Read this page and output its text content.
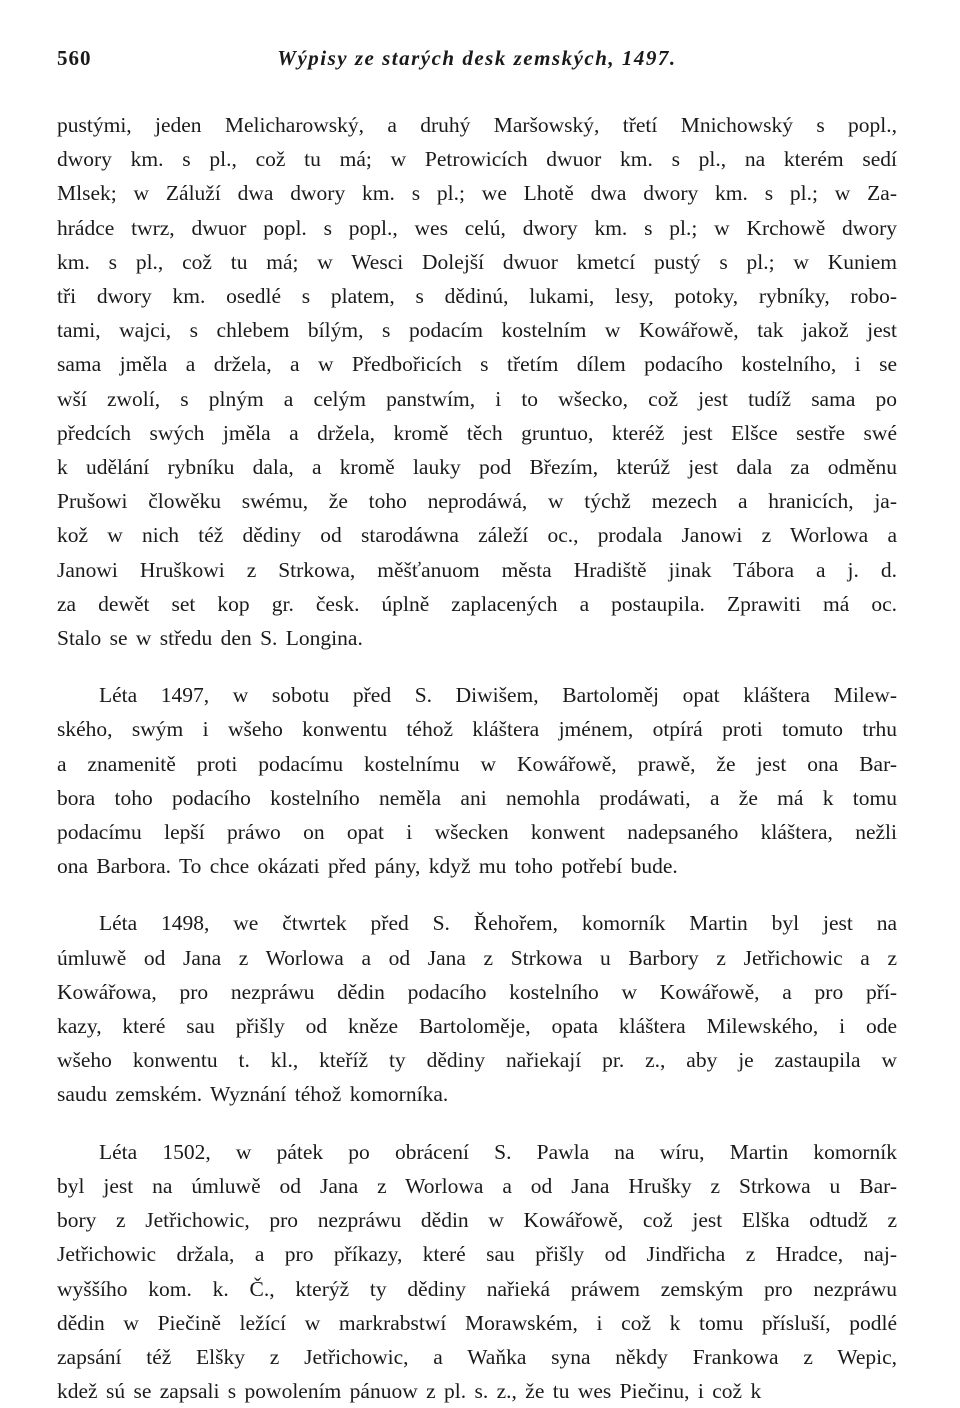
560	Wýpisy ze starých desk zemských, 1497.

pustými, jeden Melicharowský, a druhý Maršowský, třetí Mnichowský s popl.,
dwory km. s pl., což tu má; w Petrowicích dwuor km. s pl., na kterém sedí
Mlsek; w Záluží dwa dwory km. s pl.; we Lhotě dwa dwory km. s pl.; w Za-
hrádce twrz, dwuor popl. s popl., wes celú, dwory km. s pl.; w Krchowě dwory
km. s pl., což tu má; w Wesci Dolejší dwuor kmetcí pustý s pl.; w Kuniem
tři dwory km. osedlé s platem, s dědinú, lukami, lesy, potoky, rybníky, robo-
tami, wajci, s chlebem bílým, s podacím kostelním w Kowářowě, tak jakož jest
sama jměla a držela, a w Předbořicích s třetím dílem podacího kostelního, i se
wší zwolí, s plným a celým panstwím, i to wšecko, což jest tudíž sama po
předcích swých jměla a držela, kromě těch gruntuo, kteréž jest Elšce sestře swé
k udělání rybníku dala, a kromě lauky pod Březím, kterúž jest dala za odměnu
Prušowi člowěku swému, že toho neprodáwá, w týchž mezech a hranicích, ja-
kož w nich též dědiny od starodáwna záleží oc., prodala Janowi z Worlowa a
Janowi Hruškowi z Strkowa, měšťanuom města Hradiště jinak Tábora a j. d.
za dewět set kop gr. česk. úplně zaplacených a postaupila. Zprawiti má oc.
Stalo se w středu den S. Longina.

Léta 1497, w sobotu před S. Diwišem, Bartoloměj opat kláštera Milew-
ského, swým i wšeho konwentu téhož kláštera jménem, otpírá proti tomuto trhu
a znamenitě proti podacímu kostelnímu w Kowářowě, prawě, že jest ona Bar-
bora toho podacího kostelního neměla ani nemohla prodáwati, a že má k tomu
podacímu lepší práwo on opat i wšecken konwent nadepsaného kláštera, nežli
ona Barbora. To chce okázati před pány, když mu toho potřebí bude.

Léta 1498, we čtwrtek před S. Řehořem, komorník Martin byl jest na
úmluwě od Jana z Worlowa a od Jana z Strkowa u Barbory z Jetřichowic a z
Kowářowa, pro nezpráwu dědin podacího kostelního w Kowářowě, a pro pří-
kazy, které sau přišly od kněze Bartoloměje, opata kláštera Milewského, i ode
wšeho konwentu t. kl., kteříž ty dědiny nařiekají pr. z., aby je zastaupila w
saudu zemském. Wyznání téhož komorníka.

Léta 1502, w pátek po obrácení S. Pawla na wíru, Martin komorník
byl jest na úmluwě od Jana z Worlowa a od Jana Hrušky z Strkowa u Bar-
bory z Jetřichowic, pro nezpráwu dědin w Kowářowě, což jest Elška odtudž z
Jetřichowic držala, a pro příkazy, které sau přišly od Jindřicha z Hradce, naj-
wyššího kom. k. Č., kterýž ty dědiny nařieká práwem zemským pro nezpráwu
dědin w Piečině ležící w markrabstwí Morawském, i což k tomu přísluší, podlé
zapsání též Elšky z Jetřichowic, a Waňka syna někdy Frankowa z Wepic,
kdež sú se zapsali s powolením pánuow z pl. s. z., že tu wes Piečinu, i což k
